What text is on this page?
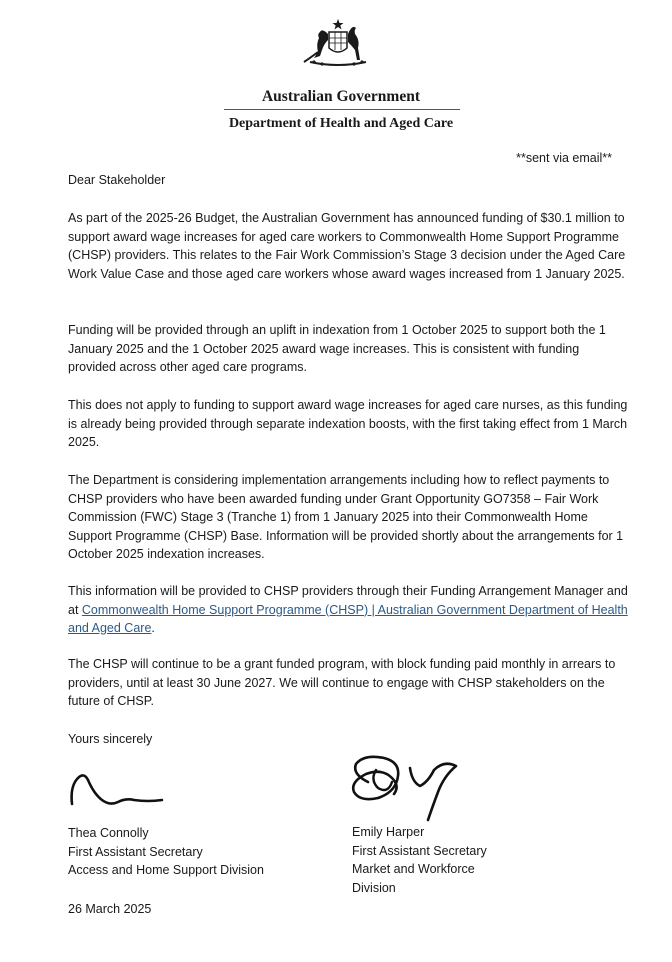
Australian Government
Department of Health and Aged Care
**sent via email**

Dear Stakeholder

As part of the 2025-26 Budget, the Australian Government has announced funding of $30.1 million to support award wage increases for aged care workers to Commonwealth Home Support Programme (CHSP) providers. This relates to the Fair Work Commission’s Stage 3 decision under the Aged Care Work Value Case and those aged care workers whose award wages increased from 1 January 2025.

Funding will be provided through an uplift in indexation from 1 October 2025 to support both the 1 January 2025 and the 1 October 2025 award wage increases. This is consistent with funding provided across other aged care programs.

This does not apply to funding to support award wage increases for aged care nurses, as this funding is already being provided through separate indexation boosts, with the first taking effect from 1 March 2025.

The Department is considering implementation arrangements including how to reflect payments to CHSP providers who have been awarded funding under Grant Opportunity GO7358 – Fair Work Commission (FWC) Stage 3 (Tranche 1) from 1 January 2025 into their Commonwealth Home Support Programme (CHSP) Base. Information will be provided shortly about the arrangements for 1 October 2025 indexation increases.

This information will be provided to CHSP providers through their Funding Arrangement Manager and at Commonwealth Home Support Programme (CHSP) | Australian Government Department of Health and Aged Care.

The CHSP will continue to be a grant funded program, with block funding paid monthly in arrears to providers, until at least 30 June 2027. We will continue to engage with CHSP stakeholders on the future of CHSP.

Yours sincerely

Thea Connolly
First Assistant Secretary
Access and Home Support Division
Emily Harper
First Assistant Secretary
Market and Workforce
Division

26 March 2025
